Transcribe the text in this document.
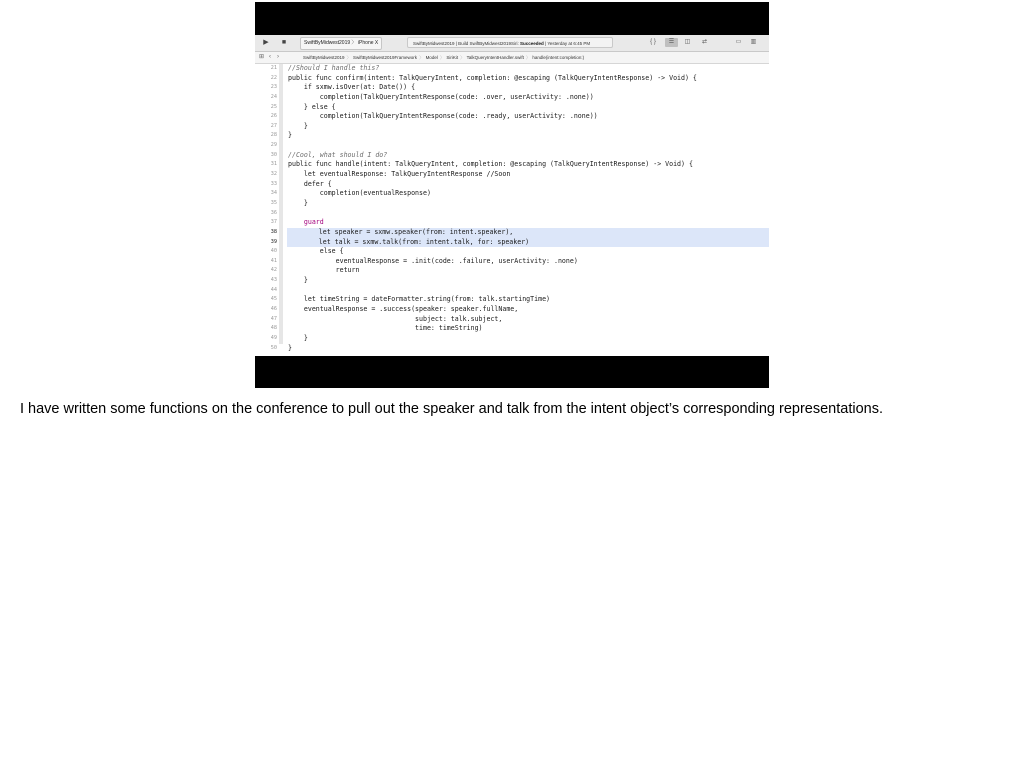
▶	■	SwiftByMidwest2019 〉 iPhone X	SwiftByMidwest2019 | Build SwiftByMidwest2019Siri: Succeeded | Yesterday at 6:45 PM	{ }	☰	◫	⇄	▭	▥
⊞ ‹ ›	SwiftByMidwest2019 〉 SwiftByMidwest2019Framework 〉 Model 〉 SiriKit 〉 TalkQueryIntentHandler.swift 〉 handle(intent:completion:)
21
22
23
24
25
26
27
28
29
30
31
32
33
34
35
36
37
38
39
40
41
42
43
44
45
46
47
48
49
50
//Should I handle this?
public func confirm(intent: TalkQueryIntent, completion: @escaping (TalkQueryIntentResponse) -> Void) {
if sxmw.isOver(at: Date()) {
completion(TalkQueryIntentResponse(code: .over, userActivity: .none))
} else {
completion(TalkQueryIntentResponse(code: .ready, userActivity: .none))
}
}
//Cool, what should I do?
public func handle(intent: TalkQueryIntent, completion: @escaping (TalkQueryIntentResponse) -> Void) {
let eventualResponse: TalkQueryIntentResponse //Soon
defer {
completion(eventualResponse)
}
guard
let speaker = sxmw.speaker(from: intent.speaker),
let talk = sxmw.talk(from: intent.talk, for: speaker)
else {
eventualResponse = .init(code: .failure, userActivity: .none)
return
}
let timeString = dateFormatter.string(from: talk.startingTime)
eventualResponse = .success(speaker: speaker.fullName,
subject: talk.subject,
time: timeString)
}
}
I have written some functions on the conference to pull out the speaker and talk from the intent object’s corresponding representations.
